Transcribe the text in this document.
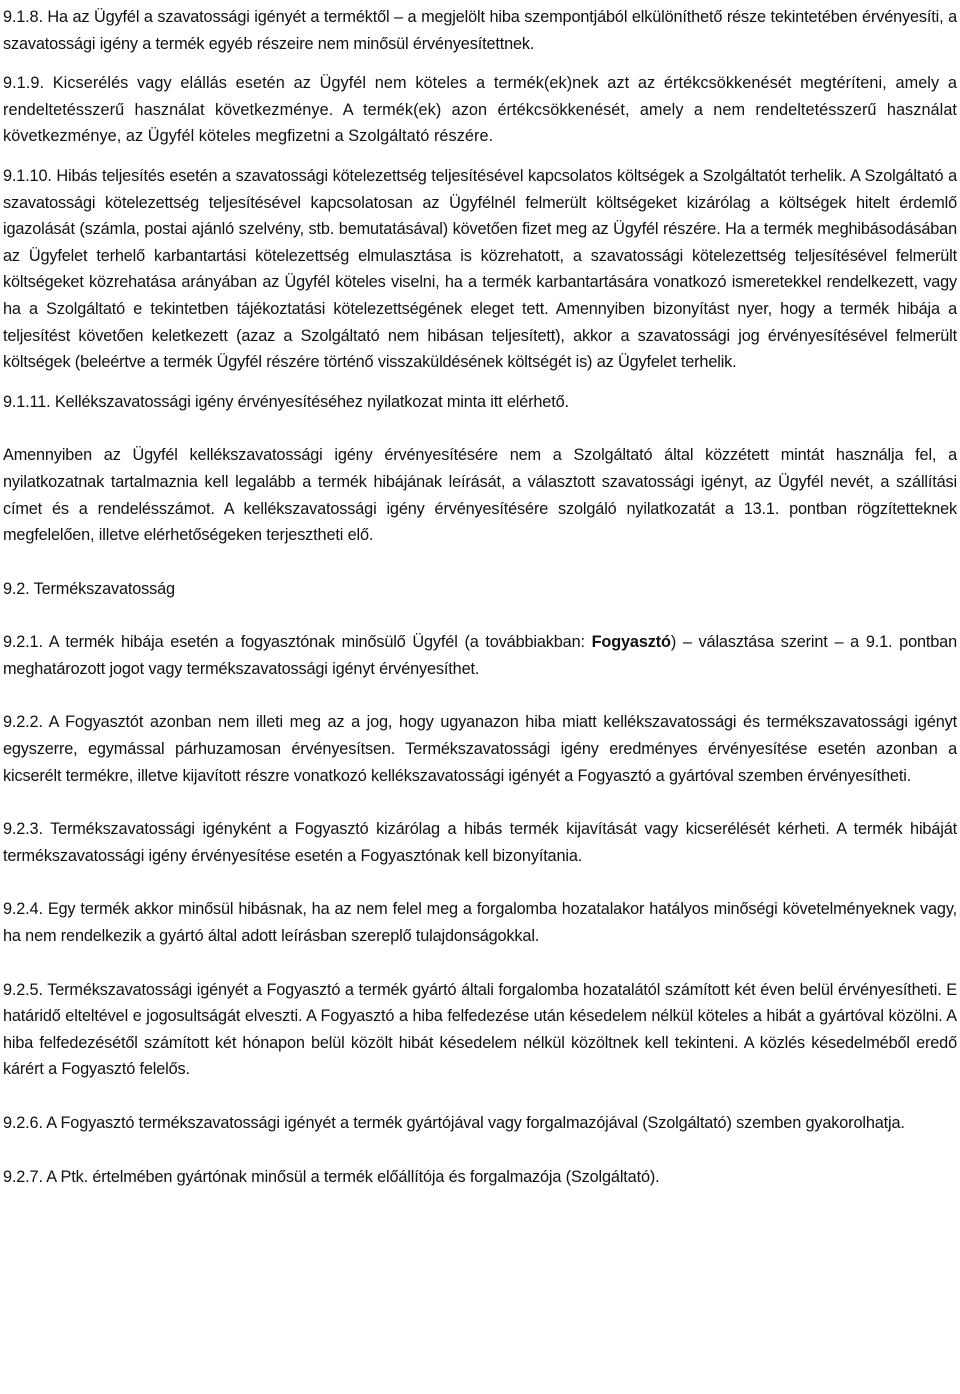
9.1.8. Ha az Ügyfél a szavatossági igényét a terméktől – a megjelölt hiba szempontjából elkülöníthető része tekintetében érvényesíti, a szavatossági igény a termék egyéb részeire nem minősül érvényesítettnek.

9.1.9. Kicserélés vagy elállás esetén az Ügyfél nem köteles a termék(ek)nek azt az értékcsökkenését megtéríteni, amely a rendeltetésszerű használat következménye. A termék(ek) azon értékcsökkenését, amely a nem rendeltetésszerű használat következménye, az Ügyfél köteles megfizetni a Szolgáltató részére.

9.1.10. Hibás teljesítés esetén a szavatossági kötelezettség teljesítésével kapcsolatos költségek a Szolgáltatót terhelik. A Szolgáltató a szavatossági kötelezettség teljesítésével kapcsolatosan az Ügyfélnél felmerült költségeket kizárólag a költségek hitelt érdemlő igazolását (számla, postai ajánló szelvény, stb. bemutatásával) követően fizet meg az Ügyfél részére. Ha a termék meghibásodásában az Ügyfelet terhelő karbantartási kötelezettség elmulasztása is közrehatott, a szavatossági kötelezettség teljesítésével felmerült költségeket közrehatása arányában az Ügyfél köteles viselni, ha a termék karbantartására vonatkozó ismeretekkel rendelkezett, vagy ha a Szolgáltató e tekintetben tájékoztatási kötelezettségének eleget tett. Amennyiben bizonyítást nyer, hogy a termék hibája a teljesítést követően keletkezett (azaz a Szolgáltató nem hibásan teljesített), akkor a szavatossági jog érvényesítésével felmerült költségek (beleértve a termék Ügyfél részére történő visszaküldésének költségét is) az Ügyfelet terhelik.

9.1.11. Kellékszavatossági igény érvényesítéséhez nyilatkozat minta itt elérhető.

Amennyiben az Ügyfél kellékszavatossági igény érvényesítésére nem a Szolgáltató által közzétett mintát használja fel, a nyilatkozatnak tartalmaznia kell legalább a termék hibájának leírását, a választott szavatossági igényt, az Ügyfél nevét, a szállítási címet és a rendelésszámot. A kellékszavatossági igény érvényesítésére szolgáló nyilatkozatát a 13.1. pontban rögzítetteknek megfelelően, illetve elérhetőségeken terjesztheti elő.

9.2. Termékszavatosság

9.2.1. A termék hibája esetén a fogyasztónak minősülő Ügyfél (a továbbiakban: Fogyasztó) – választása szerint – a 9.1. pontban meghatározott jogot vagy termékszavatossági igényt érvényesíthet.

9.2.2. A Fogyasztót azonban nem illeti meg az a jog, hogy ugyanazon hiba miatt kellékszavatossági és termékszavatossági igényt egyszerre, egymással párhuzamosan érvényesítsen. Termékszavatossági igény eredményes érvényesítése esetén azonban a kicserélt termékre, illetve kijavított részre vonatkozó kellékszavatossági igényét a Fogyasztó a gyártóval szemben érvényesítheti.

9.2.3. Termékszavatossági igényként a Fogyasztó kizárólag a hibás termék kijavítását vagy kicserélését kérheti. A termék hibáját termékszavatossági igény érvényesítése esetén a Fogyasztónak kell bizonyítania.

9.2.4. Egy termék akkor minősül hibásnak, ha az nem felel meg a forgalomba hozatalakor hatályos minőségi követelményeknek vagy, ha nem rendelkezik a gyártó által adott leírásban szereplő tulajdonságokkal.

9.2.5. Termékszavatossági igényét a Fogyasztó a termék gyártó általi forgalomba hozatalától számított két éven belül érvényesítheti. E határidő elteltével e jogosultságát elveszti. A Fogyasztó a hiba felfedezése után késedelem nélkül köteles a hibát a gyártóval közölni. A hiba felfedezésétől számított két hónapon belül közölt hibát késedelem nélkül közöltnek kell tekinteni. A közlés késedelméből eredő kárért a Fogyasztó felelős.

9.2.6. A Fogyasztó termékszavatossági igényét a termék gyártójával vagy forgalmazójával (Szolgáltató) szemben gyakorolhatja.

9.2.7. A Ptk. értelmében gyártónak minősül a termék előállítója és forgalmazója (Szolgáltató).
